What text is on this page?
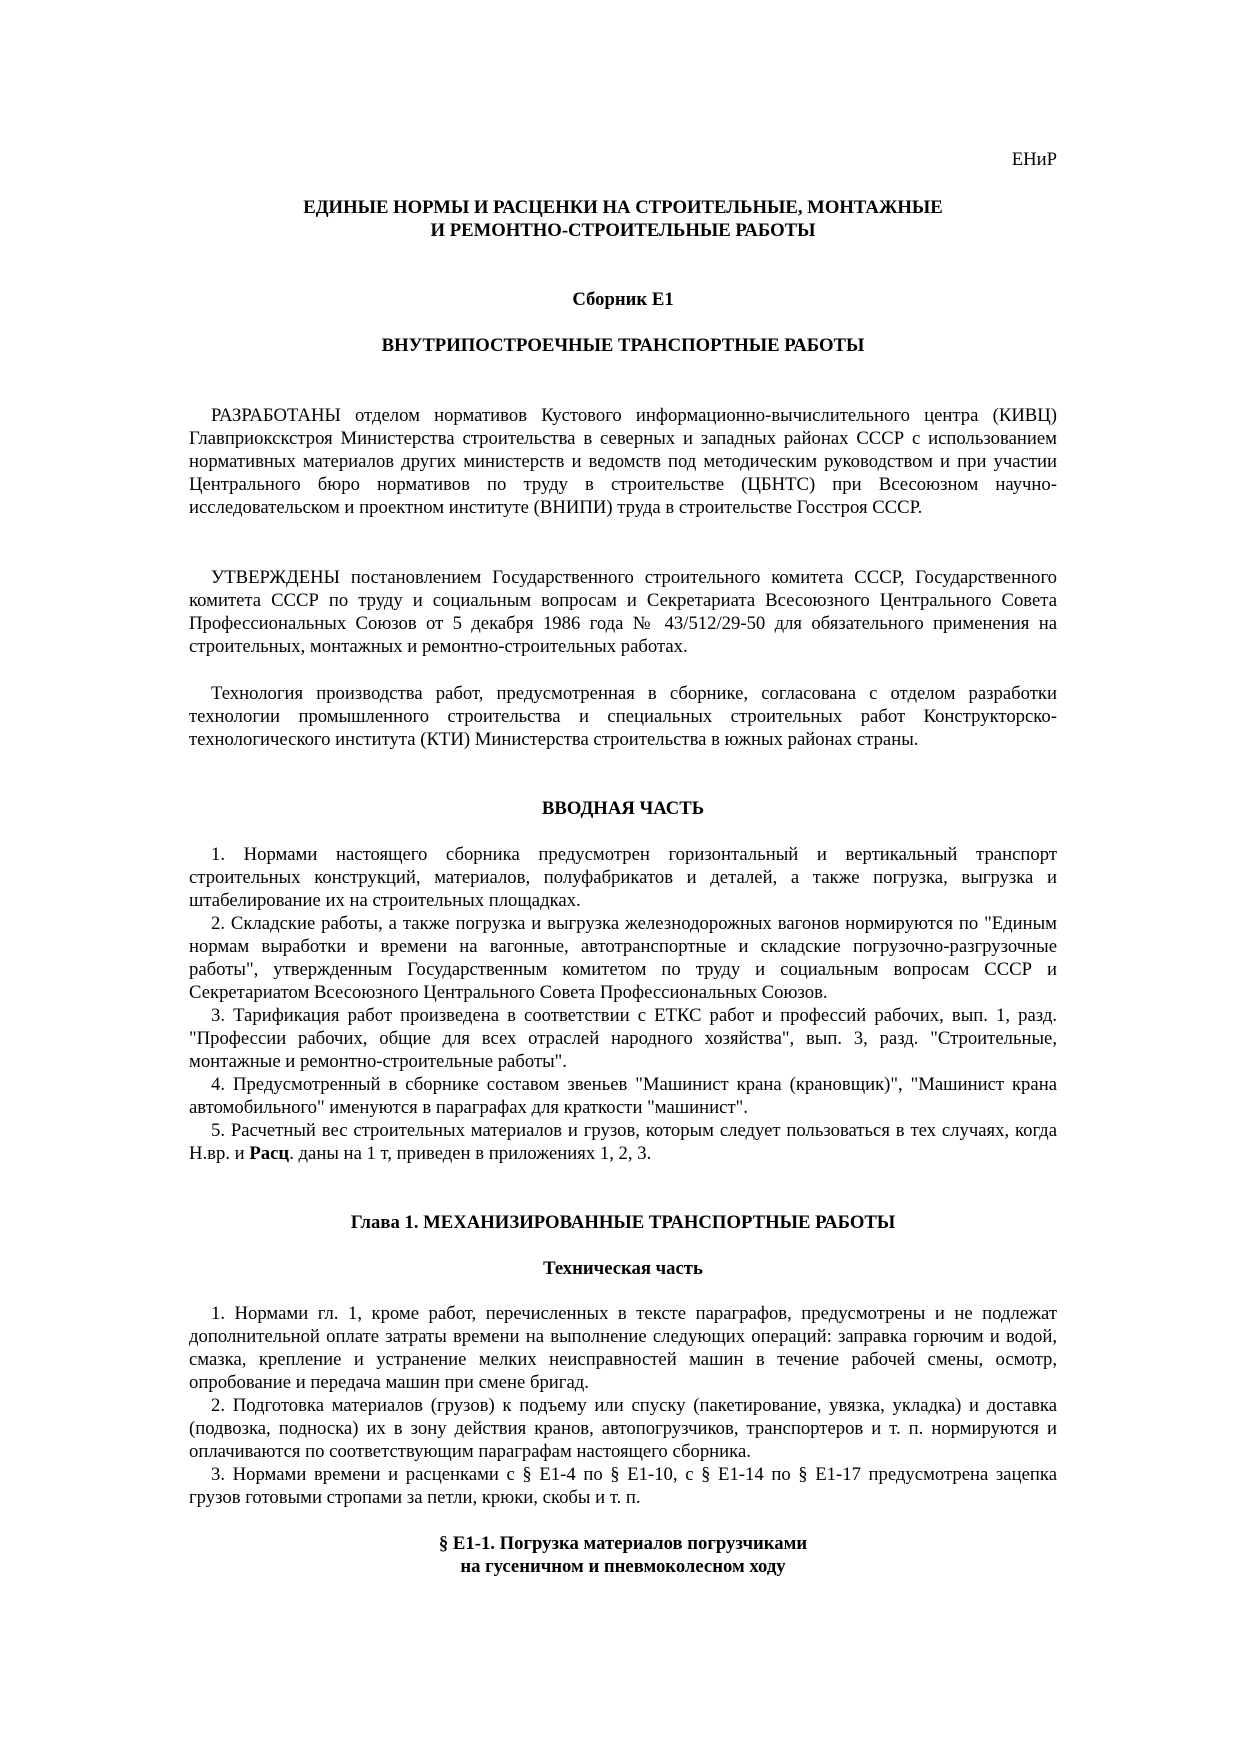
ЕНиР

ЕДИНЫЕ НОРМЫ И РАСЦЕНКИ НА СТРОИТЕЛЬНЫЕ, МОНТАЖНЫЕ

И РЕМОНТНО-СТРОИТЕЛЬНЫЕ РАБОТЫ

Сборник Е1

ВНУТРИПОСТРОЕЧНЫЕ ТРАНСПОРТНЫЕ РАБОТЫ

РАЗРАБОТАНЫ отделом нормативов Кустового информационно-вычислительного центра (КИВЦ) Главприокскстроя Министерства строительства в северных и западных районах СССР с использованием нормативных материалов других министерств и ведомств под методическим руководством и при участии Центрального бюро нормативов по труду в строительстве (ЦБНТС) при Всесоюзном научно-исследовательском и проектном институте (ВНИПИ) труда в строительстве Госстроя СССР.

УТВЕРЖДЕНЫ постановлением Государственного строительного комитета СССР, Государственного комитета СССР по труду и социальным вопросам и Секретариата Всесоюзного Центрального Совета Профессиональных Союзов от 5 декабря 1986 года № 43/512/29-50 для обязательного применения на строительных, монтажных и ремонтно-строительных работах.

Технология производства работ, предусмотренная в сборнике, согласована с отделом разработки технологии промышленного строительства и специальных строительных работ Конструкторско-технологического института (КТИ) Министерства строительства в южных районах страны.

ВВОДНАЯ ЧАСТЬ

1. Нормами настоящего сборника предусмотрен горизонтальный и вертикальный транспорт строительных конструкций, материалов, полуфабрикатов и деталей, а также погрузка, выгрузка и штабелирование их на строительных площадках.

2. Складские работы, а также погрузка и выгрузка железнодорожных вагонов нормируются по "Единым нормам выработки и времени на вагонные, автотранспортные и складские погрузочно-разгрузочные работы", утвержденным Государственным комитетом по труду и социальным вопросам СССР и Секретариатом Всесоюзного Центрального Совета Профессиональных Союзов.

3. Тарификация работ произведена в соответствии с ЕТКС работ и профессий рабочих, вып. 1, разд. "Профессии рабочих, общие для всех отраслей народного хозяйства", вып. 3, разд. "Строительные, монтажные и ремонтно-строительные работы".

4. Предусмотренный в сборнике составом звеньев "Машинист крана (крановщик)", "Машинист крана автомобильного" именуются в параграфах для краткости "машинист".

5. Расчетный вес строительных материалов и грузов, которым следует пользоваться в тех случаях, когда Н.вр. и Расц. даны на 1 т, приведен в приложениях 1, 2, 3.

Глава 1. МЕХАНИЗИРОВАННЫЕ ТРАНСПОРТНЫЕ РАБОТЫ

Техническая часть

1. Нормами гл. 1, кроме работ, перечисленных в тексте параграфов, предусмотрены и не подлежат дополнительной оплате затраты времени на выполнение следующих операций: заправка горючим и водой, смазка, крепление и устранение мелких неисправностей машин в течение рабочей смены, осмотр, опробование и передача машин при смене бригад.

2. Подготовка материалов (грузов) к подъему или спуску (пакетирование, увязка, укладка) и доставка (подвозка, подноска) их в зону действия кранов, автопогрузчиков, транспортеров и т. п. нормируются и оплачиваются по соответствующим параграфам настоящего сборника.

3. Нормами времени и расценками с § Е1-4 по § Е1-10, с § Е1-14 по § Е1-17 предусмотрена зацепка грузов готовыми стропами за петли, крюки, скобы и т. п.

§ Е1-1. Погрузка материалов погрузчиками

на гусеничном и пневмоколесном ходу
